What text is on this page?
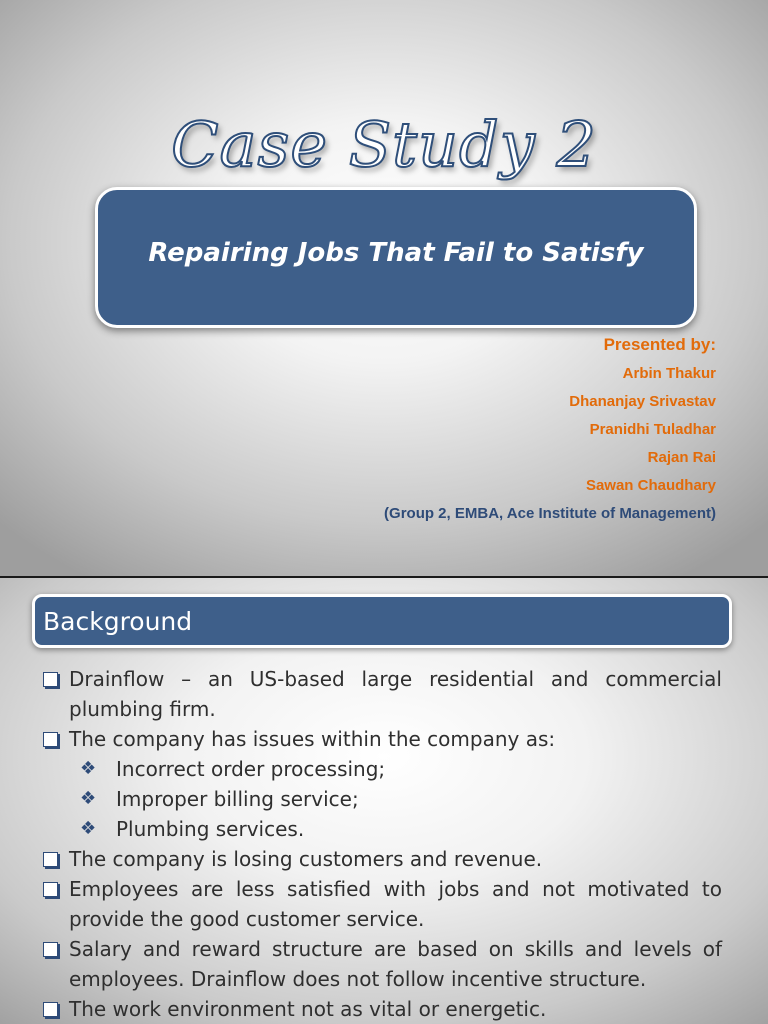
Case Study 2
Repairing Jobs That Fail to Satisfy
Presented by:
Arbin Thakur
Dhananjay Srivastav
Pranidhi Tuladhar
Rajan Rai
Sawan Chaudhary
(Group 2, EMBA, Ace Institute of Management)
Background
Drainflow – an US-based large residential and commercial
plumbing firm.
The company has issues within the company as:
❖ Incorrect order processing;
❖ Improper billing service;
❖ Plumbing services.
The company is losing customers and revenue.
Employees are less satisfied with jobs and not motivated to
provide the good customer service.
Salary and reward structure are based on skills and levels of
employees. Drainflow does not follow incentive structure.
The work environment not as vital or energetic.
